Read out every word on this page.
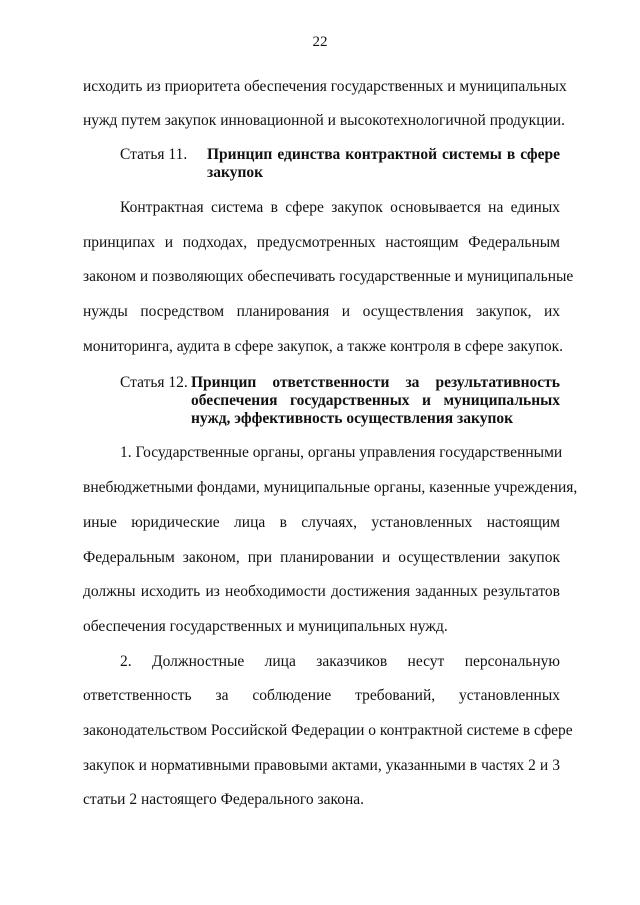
22
исходить из приоритета обеспечения государственных и муниципальных
нужд путем закупок инновационной и высокотехнологичной продукции.
Статья 11. Принцип единства контрактной системы в сфере
закупок
Контрактная система в сфере закупок основывается на единых
принципах и подходах, предусмотренных настоящим Федеральным
законом и позволяющих обеспечивать государственные и муниципальные
нужды посредством планирования и осуществления закупок, их
мониторинга, аудита в сфере закупок, а также контроля в сфере закупок.
Статья 12. Принцип ответственности за результативность
обеспечения государственных и муниципальных
нужд, эффективность осуществления закупок
1. Государственные органы, органы управления государственными
внебюджетными фондами, муниципальные органы, казенные учреждения,
иные юридические лица в случаях, установленных настоящим
Федеральным законом, при планировании и осуществлении закупок
должны исходить из необходимости достижения заданных результатов
обеспечения государственных и муниципальных нужд.
2. Должностные лица заказчиков несут персональную
ответственность за соблюдение требований, установленных
законодательством Российской Федерации о контрактной системе в сфере
закупок и нормативными правовыми актами, указанными в частях 2 и 3
статьи 2 настоящего Федерального закона.
